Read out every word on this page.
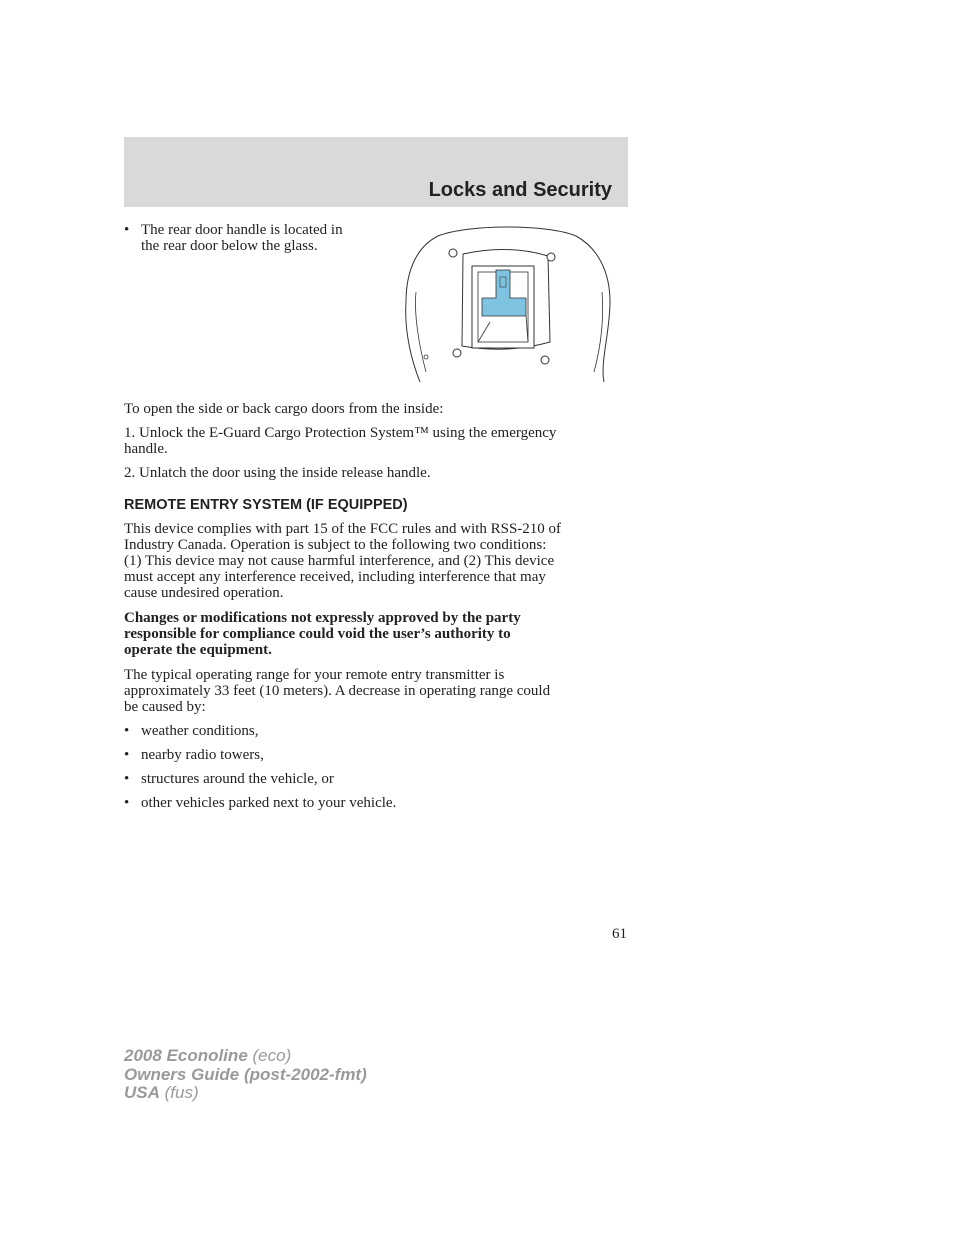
Locks and Security
• The rear door handle is located in
the rear door below the glass.
To open the side or back cargo doors from the inside:
1. Unlock the E-Guard Cargo Protection System™ using the emergency
handle.
2. Unlatch the door using the inside release handle.
REMOTE ENTRY SYSTEM (IF EQUIPPED)
This device complies with part 15 of the FCC rules and with RSS-210 of
Industry Canada. Operation is subject to the following two conditions:
(1) This device may not cause harmful interference, and (2) This device
must accept any interference received, including interference that may
cause undesired operation.
Changes or modifications not expressly approved by the party
responsible for compliance could void the user’s authority to
operate the equipment.
The typical operating range for your remote entry transmitter is
approximately 33 feet (10 meters). A decrease in operating range could
be caused by:
• weather conditions,
• nearby radio towers,
• structures around the vehicle, or
• other vehicles parked next to your vehicle.
61
2008 Econoline (eco)
Owners Guide (post-2002-fmt)
USA (fus)
